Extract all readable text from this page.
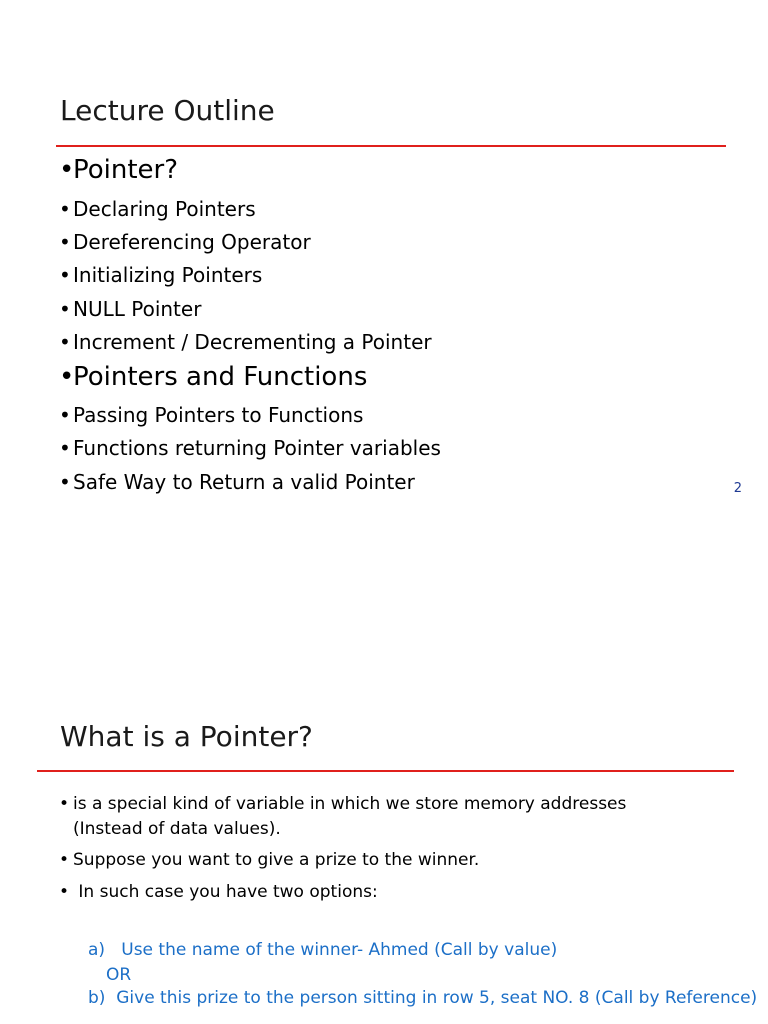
Lecture Outline
• Pointer?
• Declaring Pointers
• Dereferencing Operator
• Initializing Pointers
• NULL Pointer
• Increment / Decrementing a Pointer
• Pointers and Functions
• Passing Pointers to Functions
• Functions returning Pointer variables
• Safe Way to Return a valid Pointer	2
What is a Pointer?
• is a special kind of variable in which we store memory addresses
(Instead of data values).
• Suppose you want to give a prize to the winner.
•  In such case you have two options:
a)   Use the name of the winner- Ahmed (Call by value)
OR
b)  Give this prize to the person sitting in row 5, seat NO. 8 (Call by Reference)
